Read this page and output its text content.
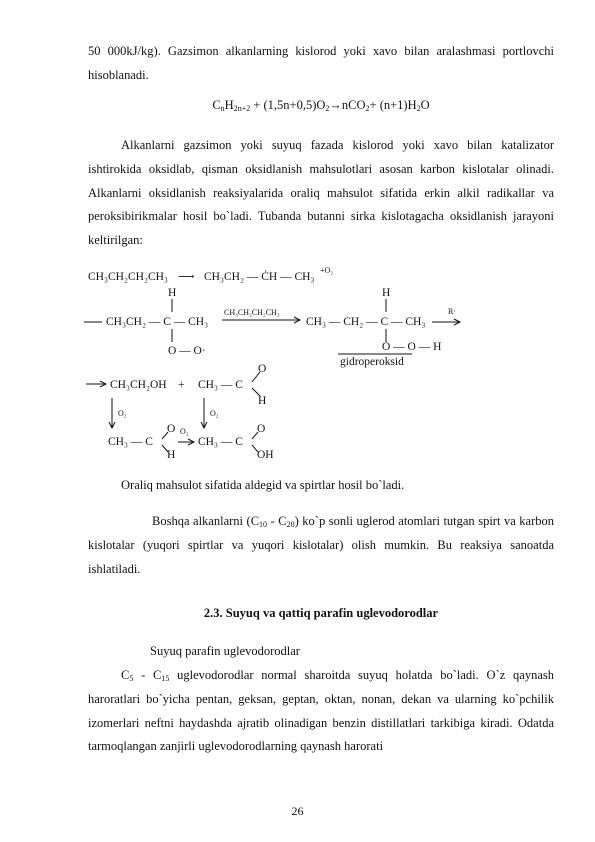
50 000kJ/kg). Gazsimon alkanlarning kislorod yoki xavo bilan aralashmasi portlovchi hisoblanadi.

$C_nH_{2n+2} + (1,5n+0,5)O_2\to nCO_2+ (n+1)H_2O$

Alkanlarni gazsimon yoki suyuq fazada kislorod yoki xavo bilan katalizator ishtirokida oksidlab, qisman oksidlanish mahsulotlari asosan karbon kislotalar olinadi. Alkanlarni oksidlanish reaksiyalarida oraliq mahsulot sifatida erkin alkil radikallar va peroksibirikmalar hosil bo`ladi. Tubanda butanni sirka kislotagacha oksidlanish jarayoni keltirilgan:

CH₃CH₂CH₂CH₃ ⟶ CH₃CH₂ — ĊH — CH₃
+O₂
H
CH₃CH₂ — C — CH₃
O — O·
CH₃CH₂CH₂CH₃
H
CH₃ — CH₂ — C — CH₃
O — O — H
gidroperoksid
R·
CH₃CH₂OH + CH₃ — C
O
H
O₂	O₂
CH₃ — C
O
H
O₂
CH₃ — C
O
OH

Oraliq mahsulot sifatida aldegid va spirtlar hosil bo`ladi.

Boshqa alkanlarni $(C_{10} - C_{20})$ ko`p sonli uglerod atomlari tutgan spirt va karbon kislotalar (yuqori spirtlar va yuqori kislotalar) olish mumkin. Bu reaksiya sanoatda ishlatiladi.

2.3. Suyuq va qattiq parafin uglevodorodlar

Suyuq parafin uglevodorodlar

$C_5 - C_{15}$ uglevodorodlar normal sharoitda suyuq holatda bo`ladi. O`z qaynash haroratlari bo`yicha pentan, geksan, geptan, oktan, nonan, dekan va ularning ko`pchilik izomerlari neftni haydashda ajratib olinadigan benzin distillatlari tarkibiga kiradi. Odatda tarmoqlangan zanjirli uglevodorodlarning qaynash harorati

26
